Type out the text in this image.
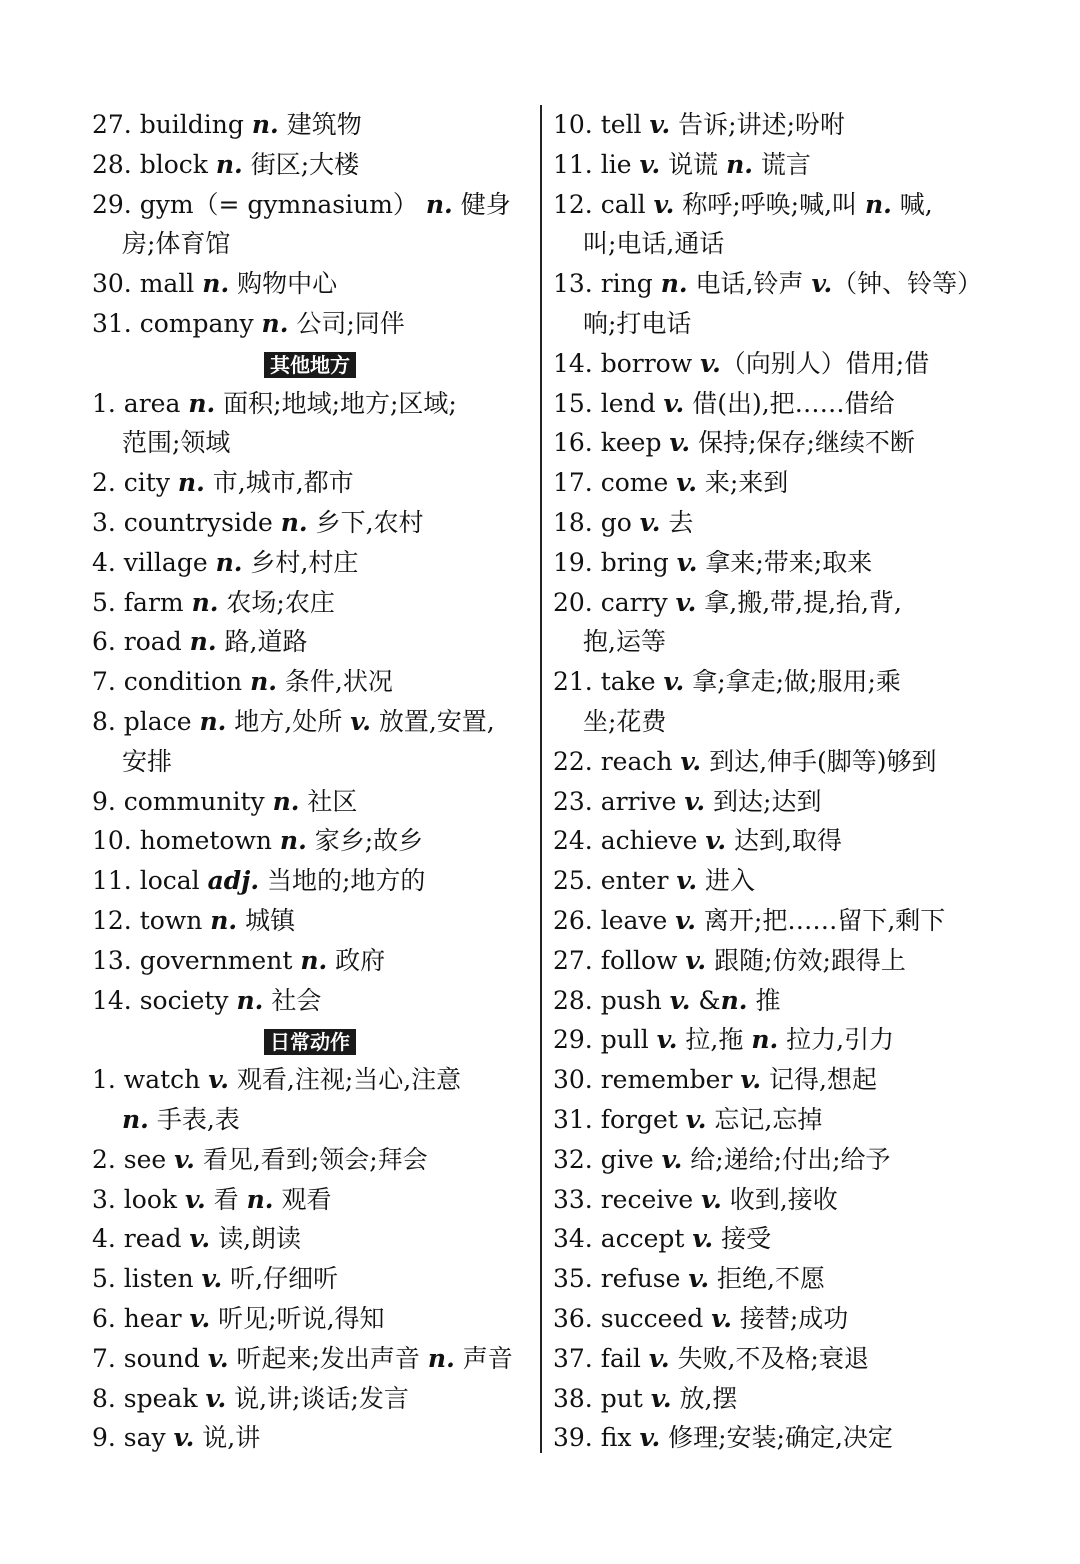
27. building n. 建筑物
28. block n. 街区;大楼
29. gym（= gymnasium） n. 健身
房;体育馆
30. mall n. 购物中心
31. company n. 公司;同伴
其他地方
1. area n. 面积;地域;地方;区域;
范围;领域
2. city n. 市,城市,都市
3. countryside n. 乡下,农村
4. village n. 乡村,村庄
5. farm n. 农场;农庄
6. road n. 路,道路
7. condition n. 条件,状况
8. place n. 地方,处所 v. 放置,安置,
安排
9. community n. 社区
10. hometown n. 家乡;故乡
11. local adj. 当地的;地方的
12. town n. 城镇
13. government n. 政府
14. society n. 社会
日常动作
1. watch v. 观看,注视;当心,注意
n. 手表,表
2. see v. 看见,看到;领会;拜会
3. look v. 看 n. 观看
4. read v. 读,朗读
5. listen v. 听,仔细听
6. hear v. 听见;听说,得知
7. sound v. 听起来;发出声音 n. 声音
8. speak v. 说,讲;谈话;发言
9. say v. 说,讲
10. tell v. 告诉;讲述;吩咐
11. lie v. 说谎 n. 谎言
12. call v. 称呼;呼唤;喊,叫 n. 喊,
叫;电话,通话
13. ring n. 电话,铃声 v.（钟、铃等）
响;打电话
14. borrow v.（向别人）借用;借
15. lend v. 借(出),把……借给
16. keep v. 保持;保存;继续不断
17. come v. 来;来到
18. go v. 去
19. bring v. 拿来;带来;取来
20. carry v. 拿,搬,带,提,抬,背,
抱,运等
21. take v. 拿;拿走;做;服用;乘
坐;花费
22. reach v. 到达,伸手(脚等)够到
23. arrive v. 到达;达到
24. achieve v. 达到,取得
25. enter v. 进入
26. leave v. 离开;把……留下,剩下
27. follow v. 跟随;仿效;跟得上
28. push v. &n. 推
29. pull v. 拉,拖 n. 拉力,引力
30. remember v. 记得,想起
31. forget v. 忘记,忘掉
32. give v. 给;递给;付出;给予
33. receive v. 收到,接收
34. accept v. 接受
35. refuse v. 拒绝,不愿
36. succeed v. 接替;成功
37. fail v. 失败,不及格;衰退
38. put v. 放,摆
39. fix v. 修理;安装;确定,决定
